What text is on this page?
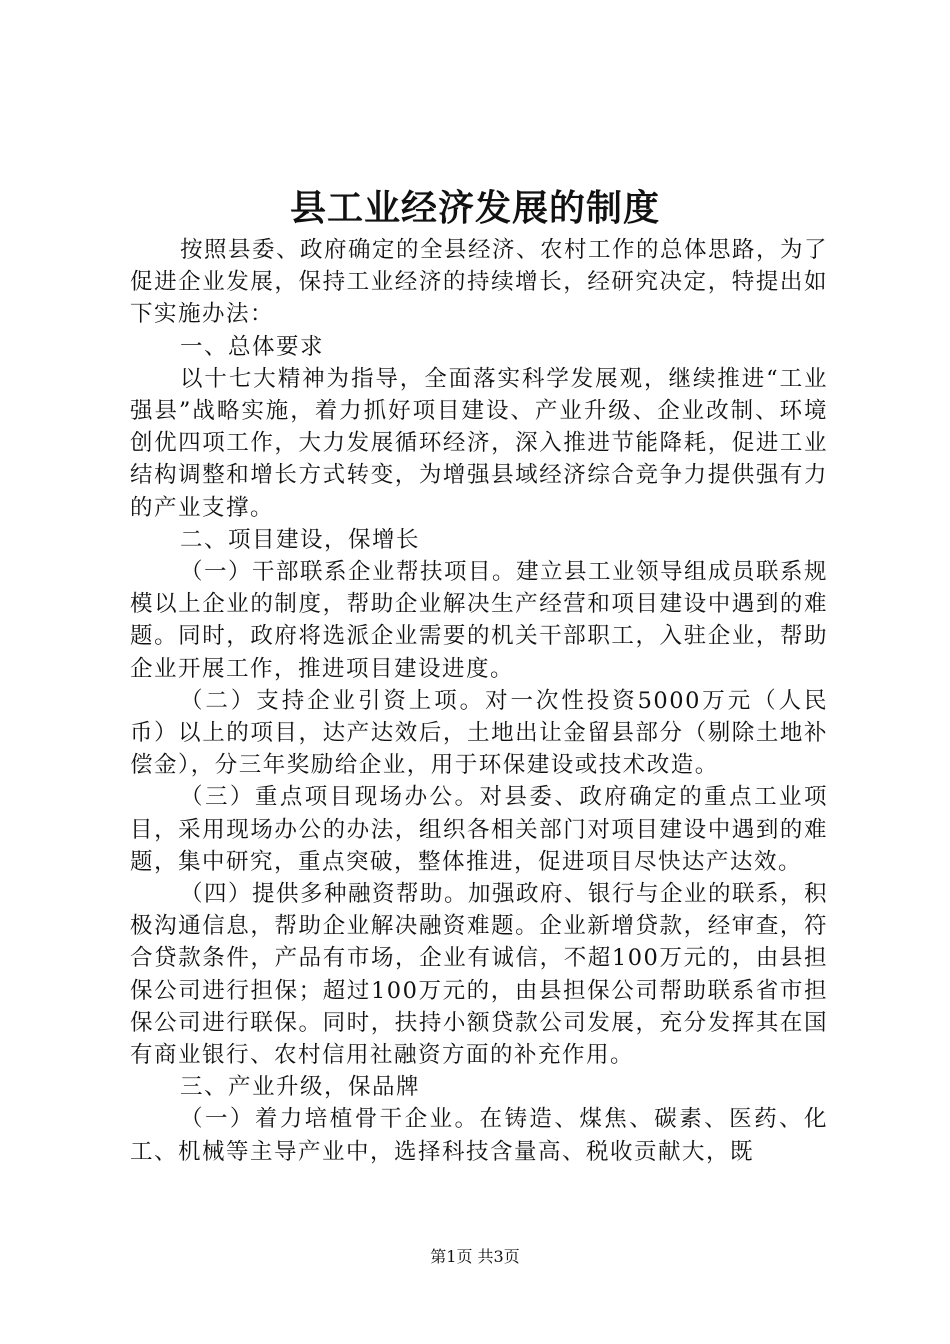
县工业经济发展的制度

按照县委、政府确定的全县经济、农村工作的总体思路，为了促进企业发展，保持工业经济的持续增长，经研究决定，特提出如下实施办法：

一、总体要求

以十七大精神为指导，全面落实科学发展观，继续推进“工业强县”战略实施，着力抓好项目建设、产业升级、企业改制、环境创优四项工作，大力发展循环经济，深入推进节能降耗，促进工业结构调整和增长方式转变，为增强县域经济综合竞争力提供强有力的产业支撑。

二、项目建设，保增长

（一）干部联系企业帮扶项目。建立县工业领导组成员联系规模以上企业的制度，帮助企业解决生产经营和项目建设中遇到的难题。同时，政府将选派企业需要的机关干部职工，入驻企业，帮助企业开展工作，推进项目建设进度。

（二）支持企业引资上项。对一次性投资5000万元（人民币）以上的项目，达产达效后，土地出让金留县部分（剔除土地补偿金），分三年奖励给企业，用于环保建设或技术改造。

（三）重点项目现场办公。对县委、政府确定的重点工业项目，采用现场办公的办法，组织各相关部门对项目建设中遇到的难题，集中研究，重点突破，整体推进，促进项目尽快达产达效。

（四）提供多种融资帮助。加强政府、银行与企业的联系，积极沟通信息，帮助企业解决融资难题。企业新增贷款，经审查，符合贷款条件，产品有市场，企业有诚信，不超100万元的，由县担保公司进行担保；超过100万元的，由县担保公司帮助联系省市担保公司进行联保。同时，扶持小额贷款公司发展，充分发挥其在国有商业银行、农村信用社融资方面的补充作用。

三、产业升级，保品牌

（一）着力培植骨干企业。在铸造、煤焦、碳素、医药、化工、机械等主导产业中，选择科技含量高、税收贡献大，既

第1页 共3页
